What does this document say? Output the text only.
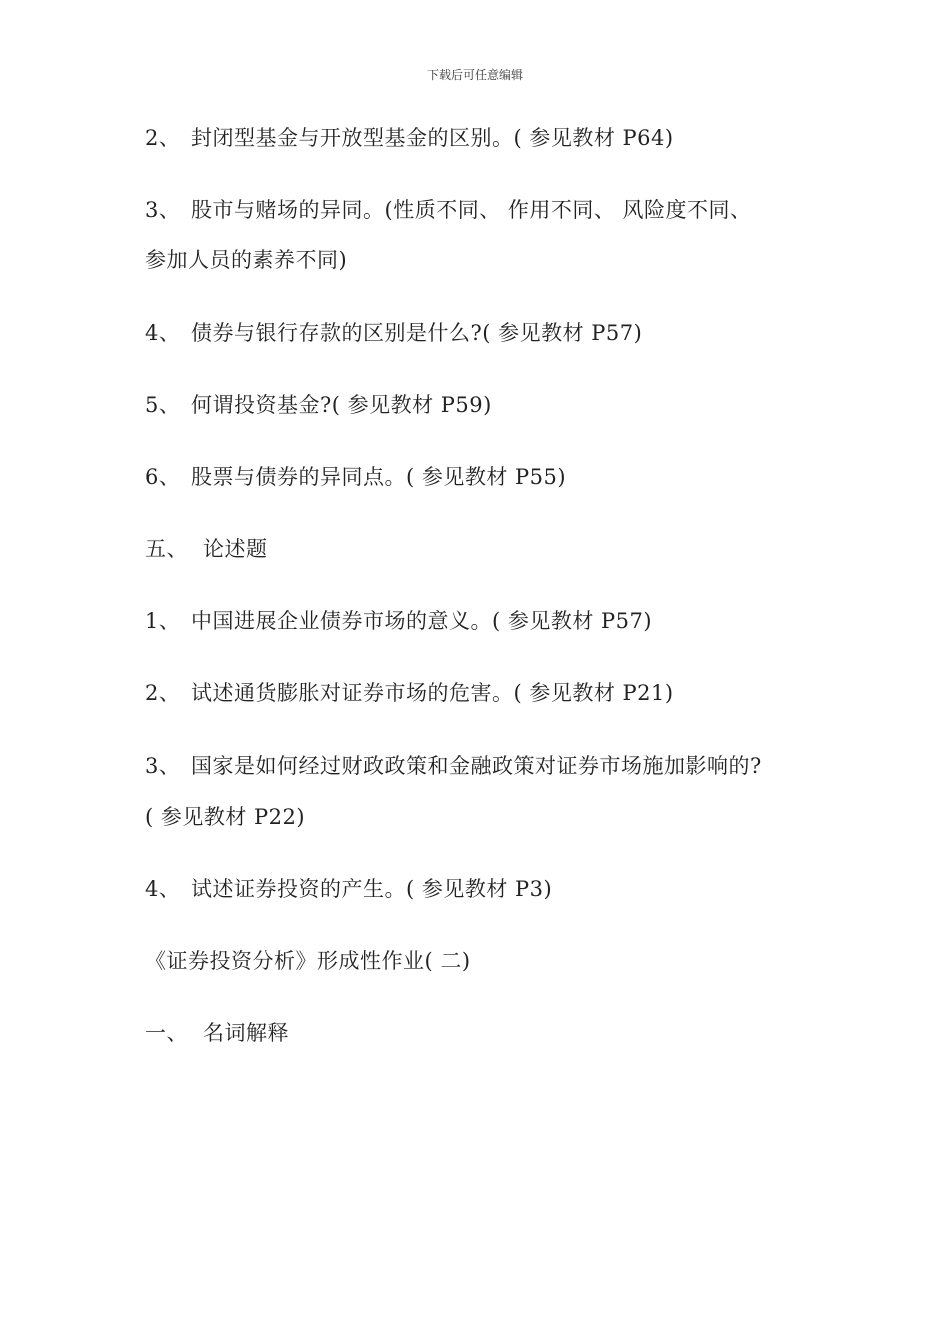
下载后可任意编辑
2、 封闭型基金与开放型基金的区别。( 参见教材 P64)
3、 股市与赌场的异同。(性质不同、 作用不同、 风险度不同、
参加人员的素养不同)
4、 债券与银行存款的区别是什么?( 参见教材 P57)
5、 何谓投资基金?( 参见教材 P59)
6、 股票与债券的异同点。( 参见教材 P55)
五、 论述题
1、 中国进展企业债券市场的意义。( 参见教材 P57)
2、 试述通货膨胀对证券市场的危害。( 参见教材 P21)
3、 国家是如何经过财政政策和金融政策对证券市场施加影响的?
( 参见教材 P22)
4、 试述证券投资的产生。( 参见教材 P3)
《证券投资分析》形成性作业( 二)
一、 名词解释
